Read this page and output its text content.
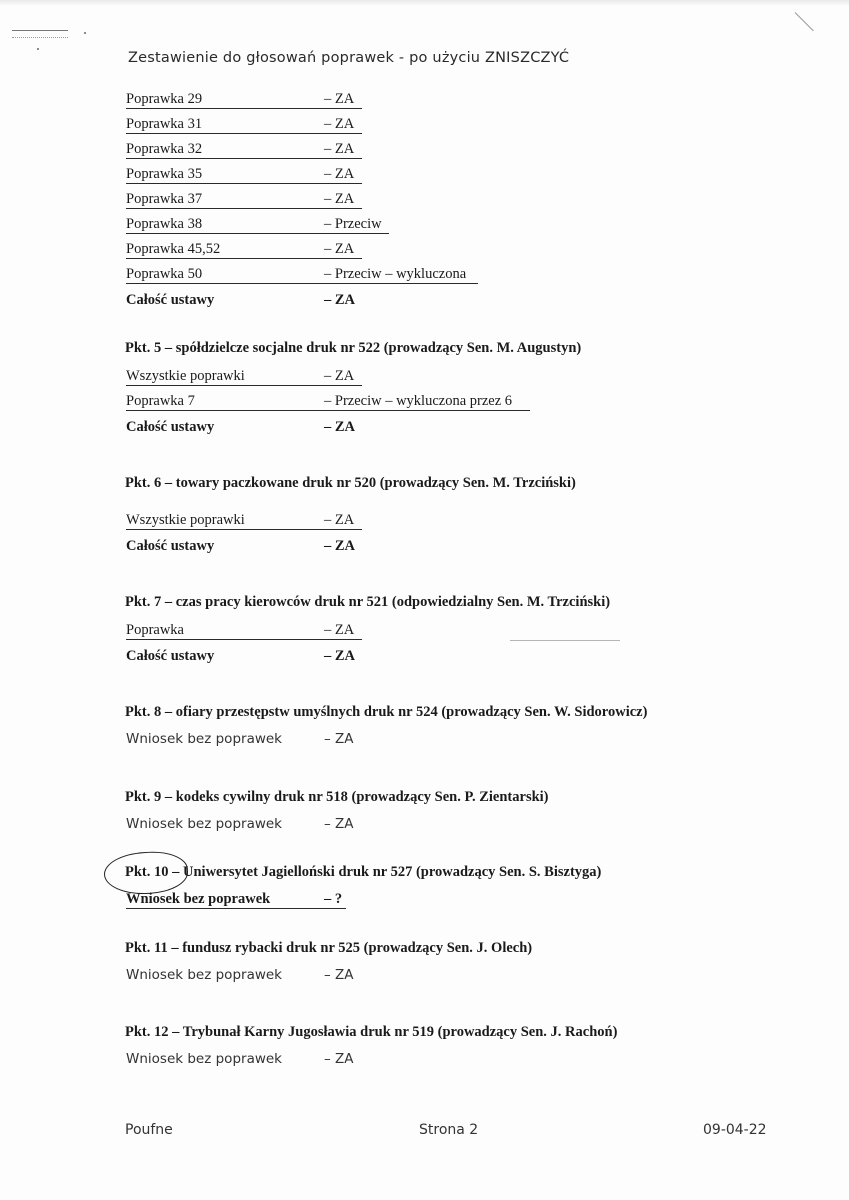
Zestawienie do głosowań poprawek - po użyciu ZNISZCZYĆ
Poprawka 29	– ZA
Poprawka 31	– ZA
Poprawka 32	– ZA
Poprawka 35	– ZA
Poprawka 37	– ZA
Poprawka 38	– Przeciw
Poprawka 45,52	– ZA
Poprawka 50	– Przeciw – wykluczona
Całość ustawy	– ZA
Pkt. 5 – spółdzielcze socjalne druk nr 522 (prowadzący Sen. M. Augustyn)
Wszystkie poprawki	– ZA
Poprawka 7	– Przeciw – wykluczona przez 6
Całość ustawy	– ZA
Pkt. 6 – towary paczkowane druk nr 520 (prowadzący Sen. M. Trzciński)
Wszystkie poprawki	– ZA
Całość ustawy	– ZA
Pkt. 7 – czas pracy kierowców druk nr 521 (odpowiedzialny Sen. M. Trzciński)
Poprawka	– ZA
Całość ustawy	– ZA
Pkt. 8 – ofiary przestępstw umyślnych druk nr 524 (prowadzący Sen. W. Sidorowicz)
Wniosek bez poprawek	– ZA
Pkt. 9 – kodeks cywilny druk nr 518 (prowadzący Sen. P. Zientarski)
Wniosek bez poprawek	– ZA
Pkt. 10 – Uniwersytet Jagielloński druk nr 527 (prowadzący Sen. S. Bisztyga)
Wniosek bez poprawek	– ?
Pkt. 11 – fundusz rybacki druk nr 525 (prowadzący Sen. J. Olech)
Wniosek bez poprawek	– ZA
Pkt. 12 – Trybunał Karny Jugosławia druk nr 519 (prowadzący Sen. J. Rachoń)
Wniosek bez poprawek	– ZA
Poufne	Strona 2	09-04-22
